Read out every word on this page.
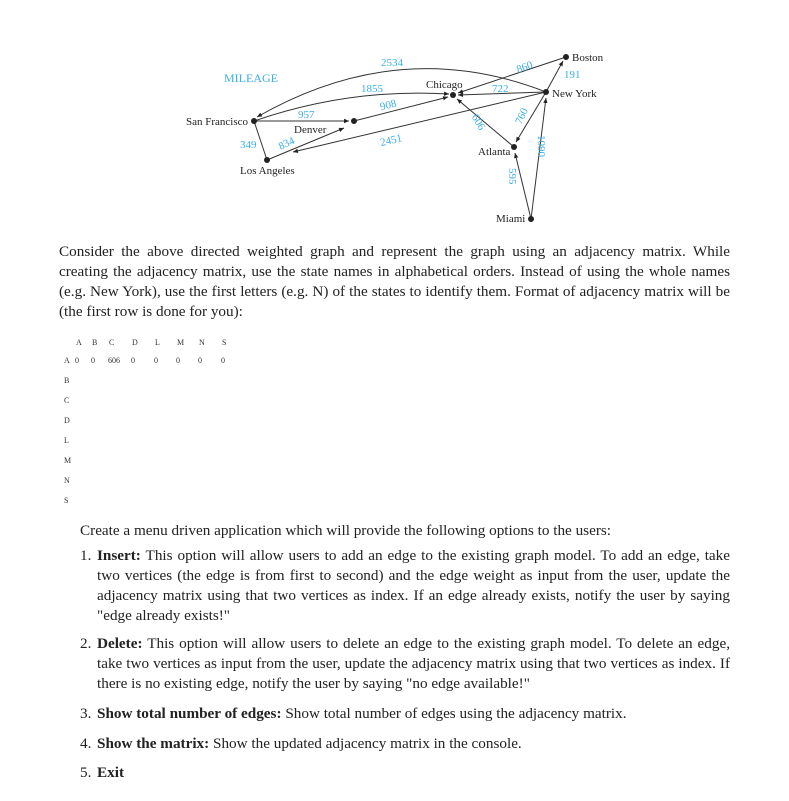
MILEAGE
Boston
New York
Chicago
San Francisco
Denver
Los Angeles
Atlanta
Miami
2534
1855
957
908
834
349	2451
722
860	191
606 760
595
1090
Consider the above directed weighted graph and represent the graph using an adjacency matrix. While creating the adjacency matrix, use the state names in alphabetical orders. Instead of using the whole names (e.g. New York), use the first letters (e.g. N) of the states to identify them. Format of adjacency matrix will be (the first row is done for you):
A B C D L M N S
A
B
C
D
L
M
N
S
0 0 606 0 0 0 0 0
Create a menu driven application which will provide the following options to the users:
1. Insert: This option will allow users to add an edge to the existing graph model. To add an edge, take two vertices (the edge is from first to second) and the edge weight as input from the user, update the adjacency matrix using that two vertices as index. If an edge already exists, notify the user by saying "edge already exists!"
2. Delete: This option will allow users to delete an edge to the existing graph model. To delete an edge, take two vertices as input from the user, update the adjacency matrix using that two vertices as index. If there is no existing edge, notify the user by saying "no edge available!"
3. Show total number of edges: Show total number of edges using the adjacency matrix.
4. Show the matrix: Show the updated adjacency matrix in the console.
5. Exit
